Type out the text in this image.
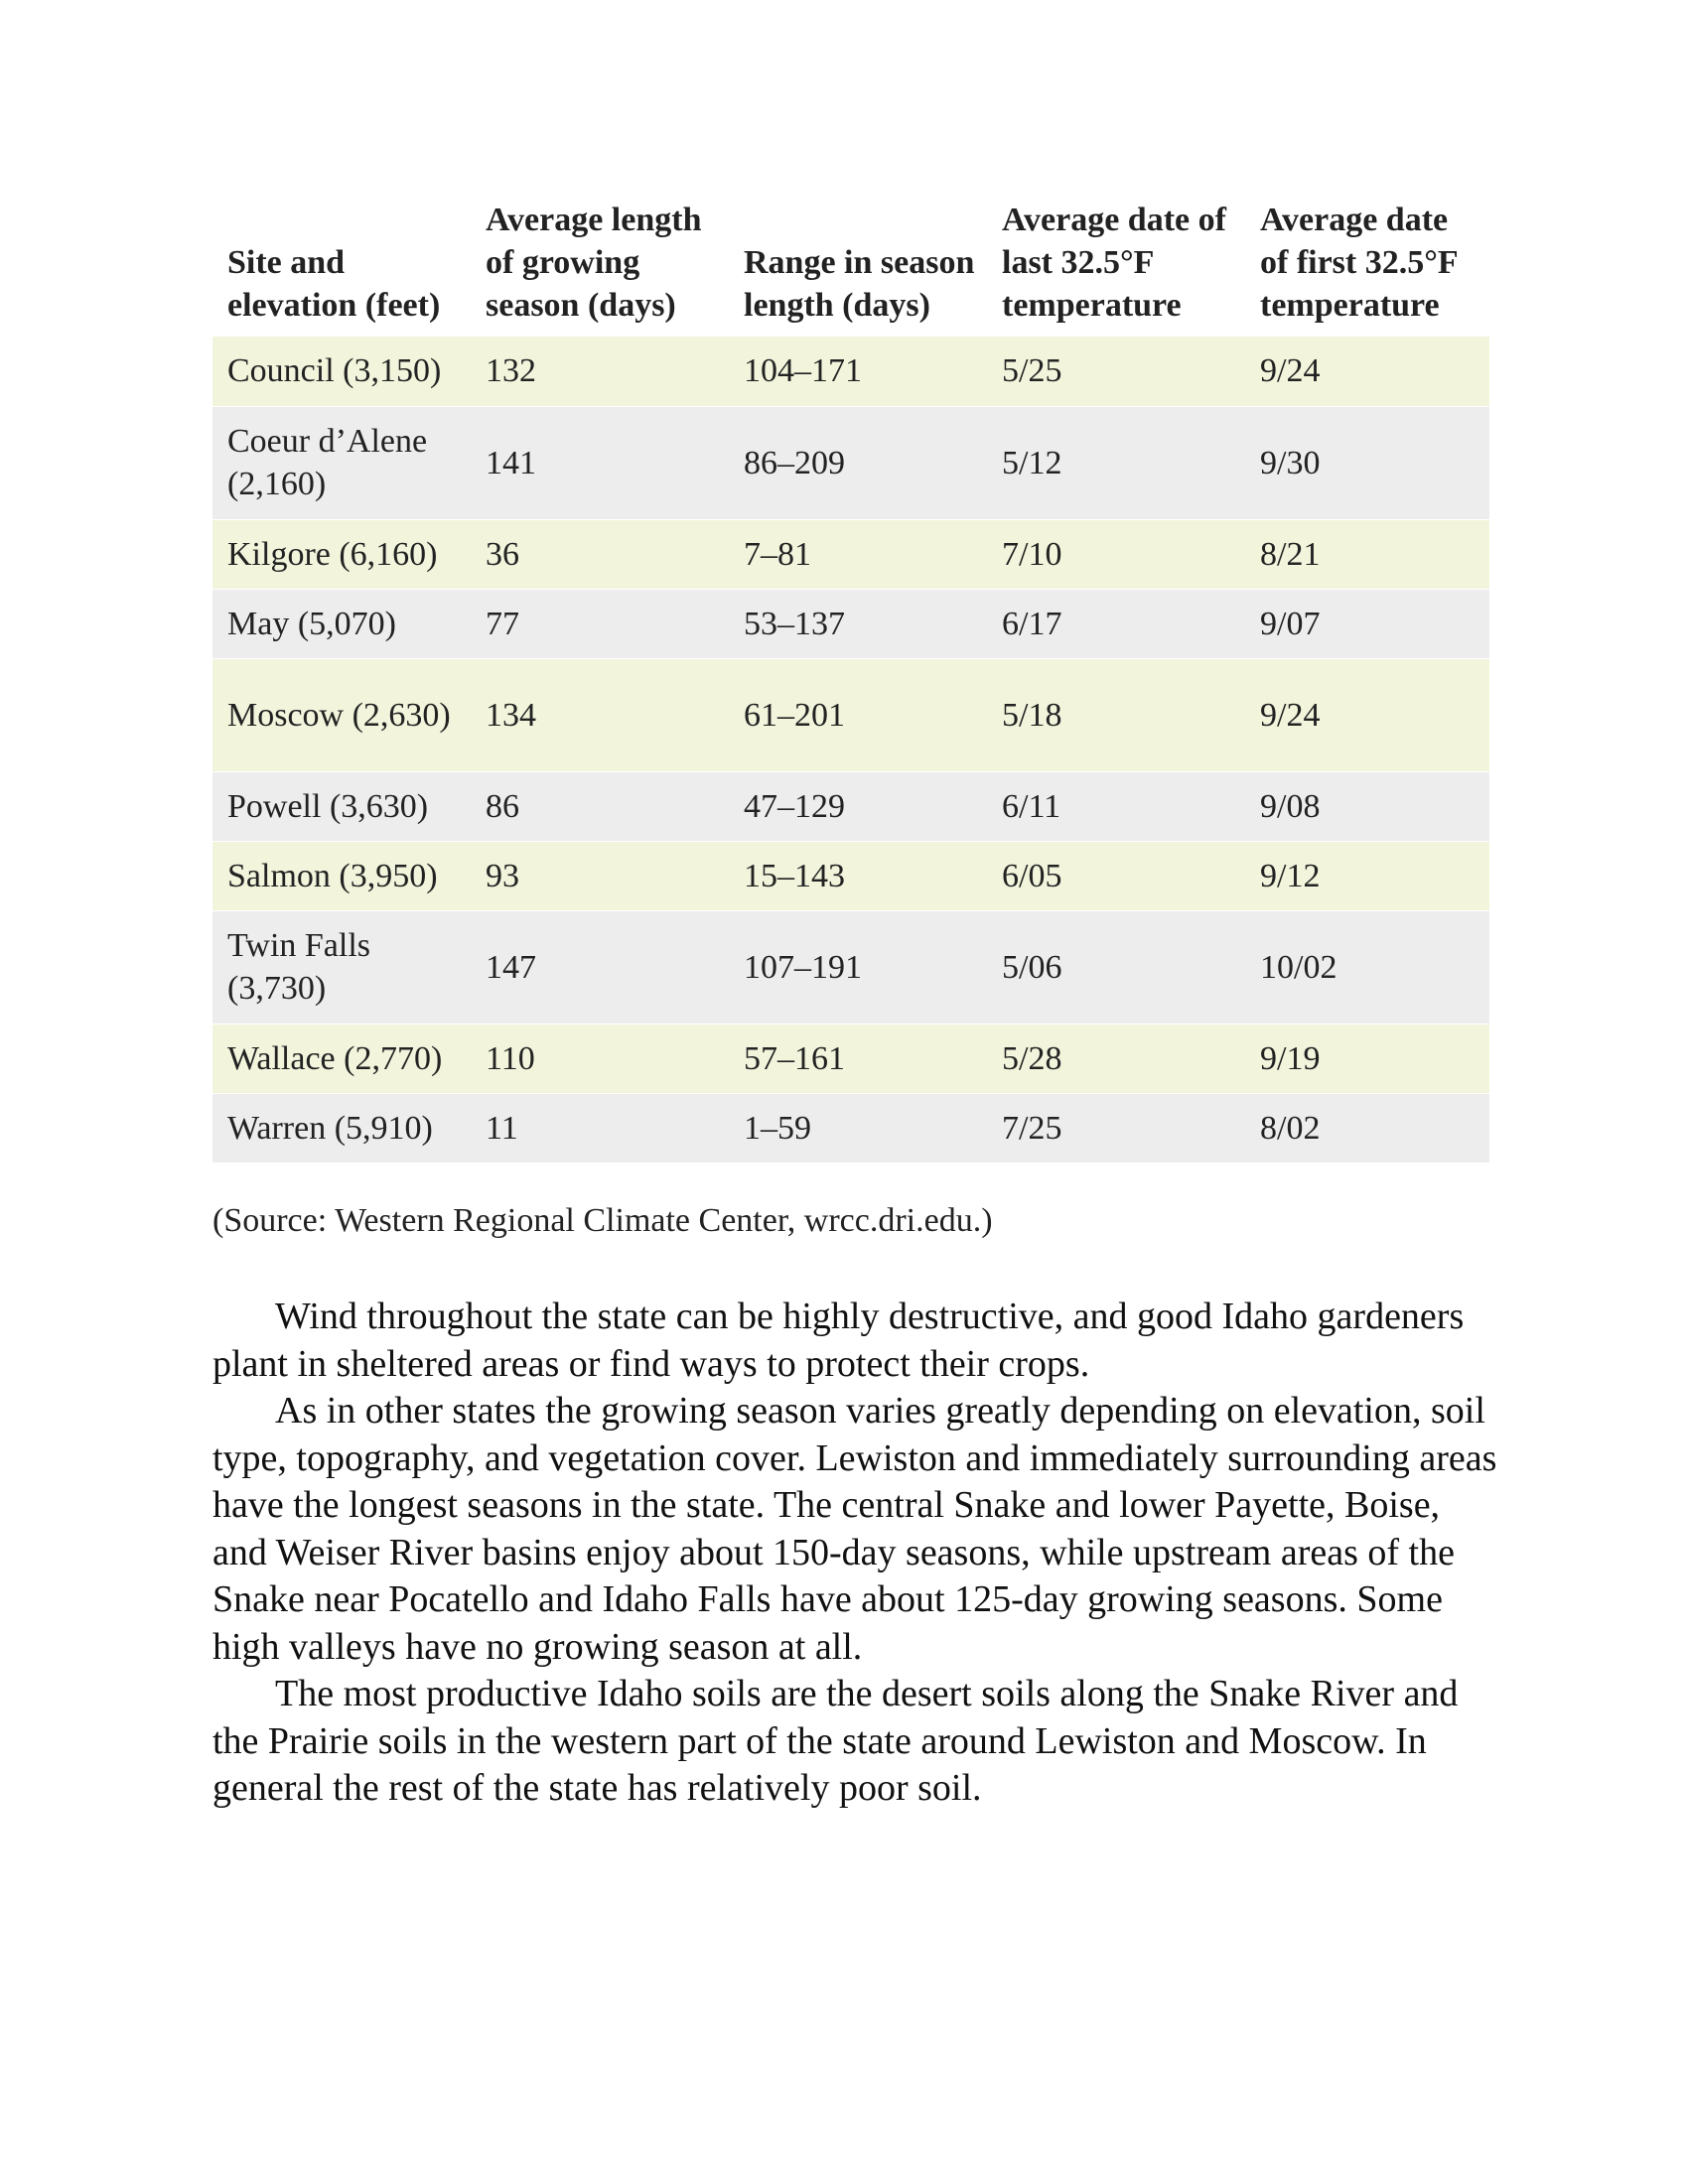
Site and elevation (feet)	Average length of growing season (days)	Range in season length (days)	Average date of last 32.5°F temperature	Average date of first 32.5°F temperature
Council (3,150)	132	104–171	5/25	9/24
Coeur d’Alene (2,160)	141	86–209	5/12	9/30
Kilgore (6,160)	36	7–81	7/10	8/21
May (5,070)	77	53–137	6/17	9/07
Moscow (2,630)	134	61–201	5/18	9/24
Powell (3,630)	86	47–129	6/11	9/08
Salmon (3,950)	93	15–143	6/05	9/12
Twin Falls (3,730)	147	107–191	5/06	10/02
Wallace (2,770)	110	57–161	5/28	9/19
Warren (5,910)	11	1–59	7/25	8/02

(Source: Western Regional Climate Center, wrcc.dri.edu.)

Wind throughout the state can be highly destructive, and good Idaho gardeners plant in sheltered areas or find ways to protect their crops.

As in other states the growing season varies greatly depending on elevation, soil type, topography, and vegetation cover. Lewiston and immediately surrounding areas have the longest seasons in the state. The central Snake and lower Payette, Boise, and Weiser River basins enjoy about 150-day seasons, while upstream areas of the Snake near Pocatello and Idaho Falls have about 125-day growing seasons. Some high valleys have no growing season at all.

The most productive Idaho soils are the desert soils along the Snake River and the Prairie soils in the western part of the state around Lewiston and Moscow. In general the rest of the state has relatively poor soil.
